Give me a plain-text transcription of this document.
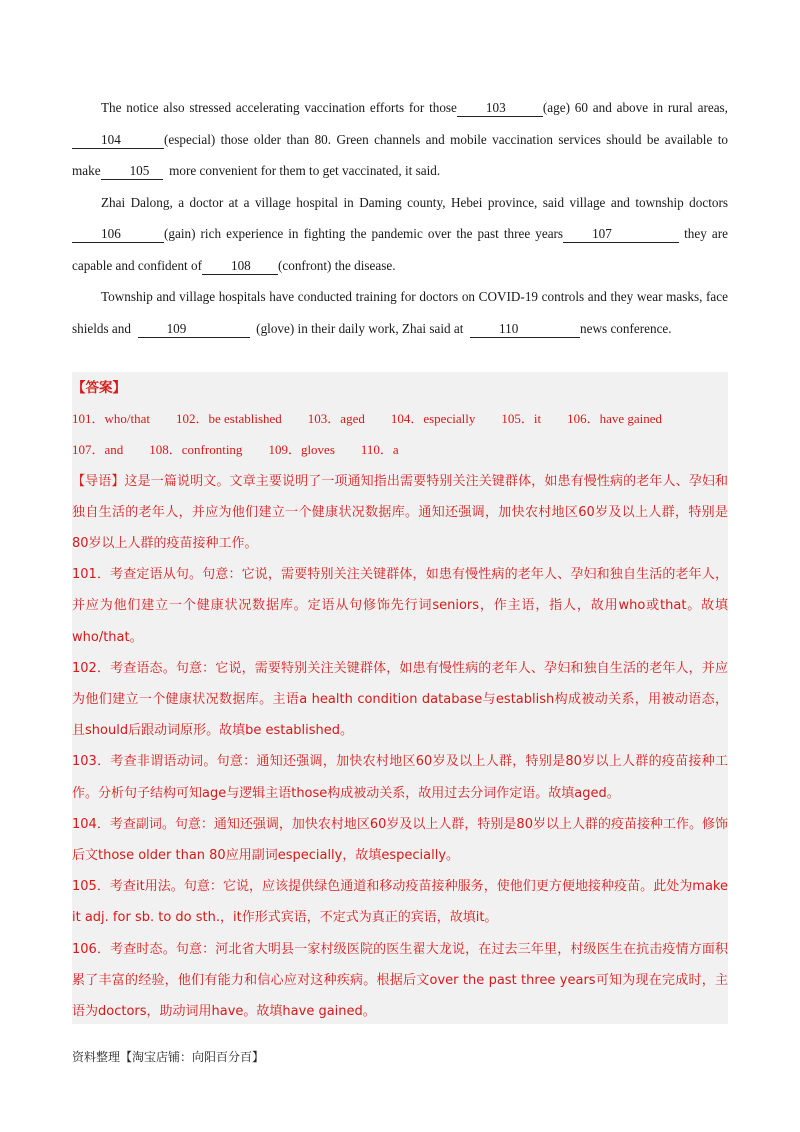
The notice also stressed accelerating vaccination efforts for those 103	(age) 60 and above in rural areas,104	(especial) those older than 80. Green channels and mobile vaccination services should be available to make 105 more convenient for them to get vaccinated, it said.

Zhai Dalong, a doctor at a village hospital in Daming county, Hebei province, said village and township doctors106	(gain) rich experience in fighting the pandemic over the past three years 107	they are capable and confident of 108 (confront) the disease.

Township and village hospitals have conducted training for doctors on COVID-19 controls and they wear masks, face shields and	109	(glove) in their daily work, Zhai said at	110	news conference.

【答案】
101．who/that 102．be established 103．aged 104．especially 105．it 106．have gained
107．and 108．confronting 109．gloves 110．a

【导语】这是一篇说明文。文章主要说明了一项通知指出需要特别关注关键群体，如患有慢性病的老年人、孕妇和独自生活的老年人，并应为他们建立一个健康状况数据库。通知还强调，加快农村地区60岁及以上人群，特别是80岁以上人群的疫苗接种工作。

101．考查定语从句。句意：它说，需要特别关注关键群体，如患有慢性病的老年人、孕妇和独自生活的老年人，并应为他们建立一个健康状况数据库。定语从句修饰先行词seniors，作主语，指人，故用who或that。故填who/that。

102．考查语态。句意：它说，需要特别关注关键群体，如患有慢性病的老年人、孕妇和独自生活的老年人，并应为他们建立一个健康状况数据库。主语a health condition database与establish构成被动关系，用被动语态，且should后跟动词原形。故填be established。

103．考查非谓语动词。句意：通知还强调，加快农村地区60岁及以上人群，特别是80岁以上人群的疫苗接种工作。分析句子结构可知age与逻辑主语those构成被动关系，故用过去分词作定语。故填aged。

104．考查副词。句意：通知还强调，加快农村地区60岁及以上人群，特别是80岁以上人群的疫苗接种工作。修饰后文those older than 80应用副词especially，故填especially。

105．考查it用法。句意：它说，应该提供绿色通道和移动疫苗接种服务，使他们更方便地接种疫苗。此处为make it adj. for sb. to do sth.，it作形式宾语，不定式为真正的宾语，故填it。

106．考查时态。句意：河北省大明县一家村级医院的医生翟大龙说，在过去三年里，村级医生在抗击疫情方面积累了丰富的经验，他们有能力和信心应对这种疾病。根据后文over the past three years可知为现在完成时，主语为doctors，助动词用have。故填have gained。

资料整理【淘宝店铺：向阳百分百】
